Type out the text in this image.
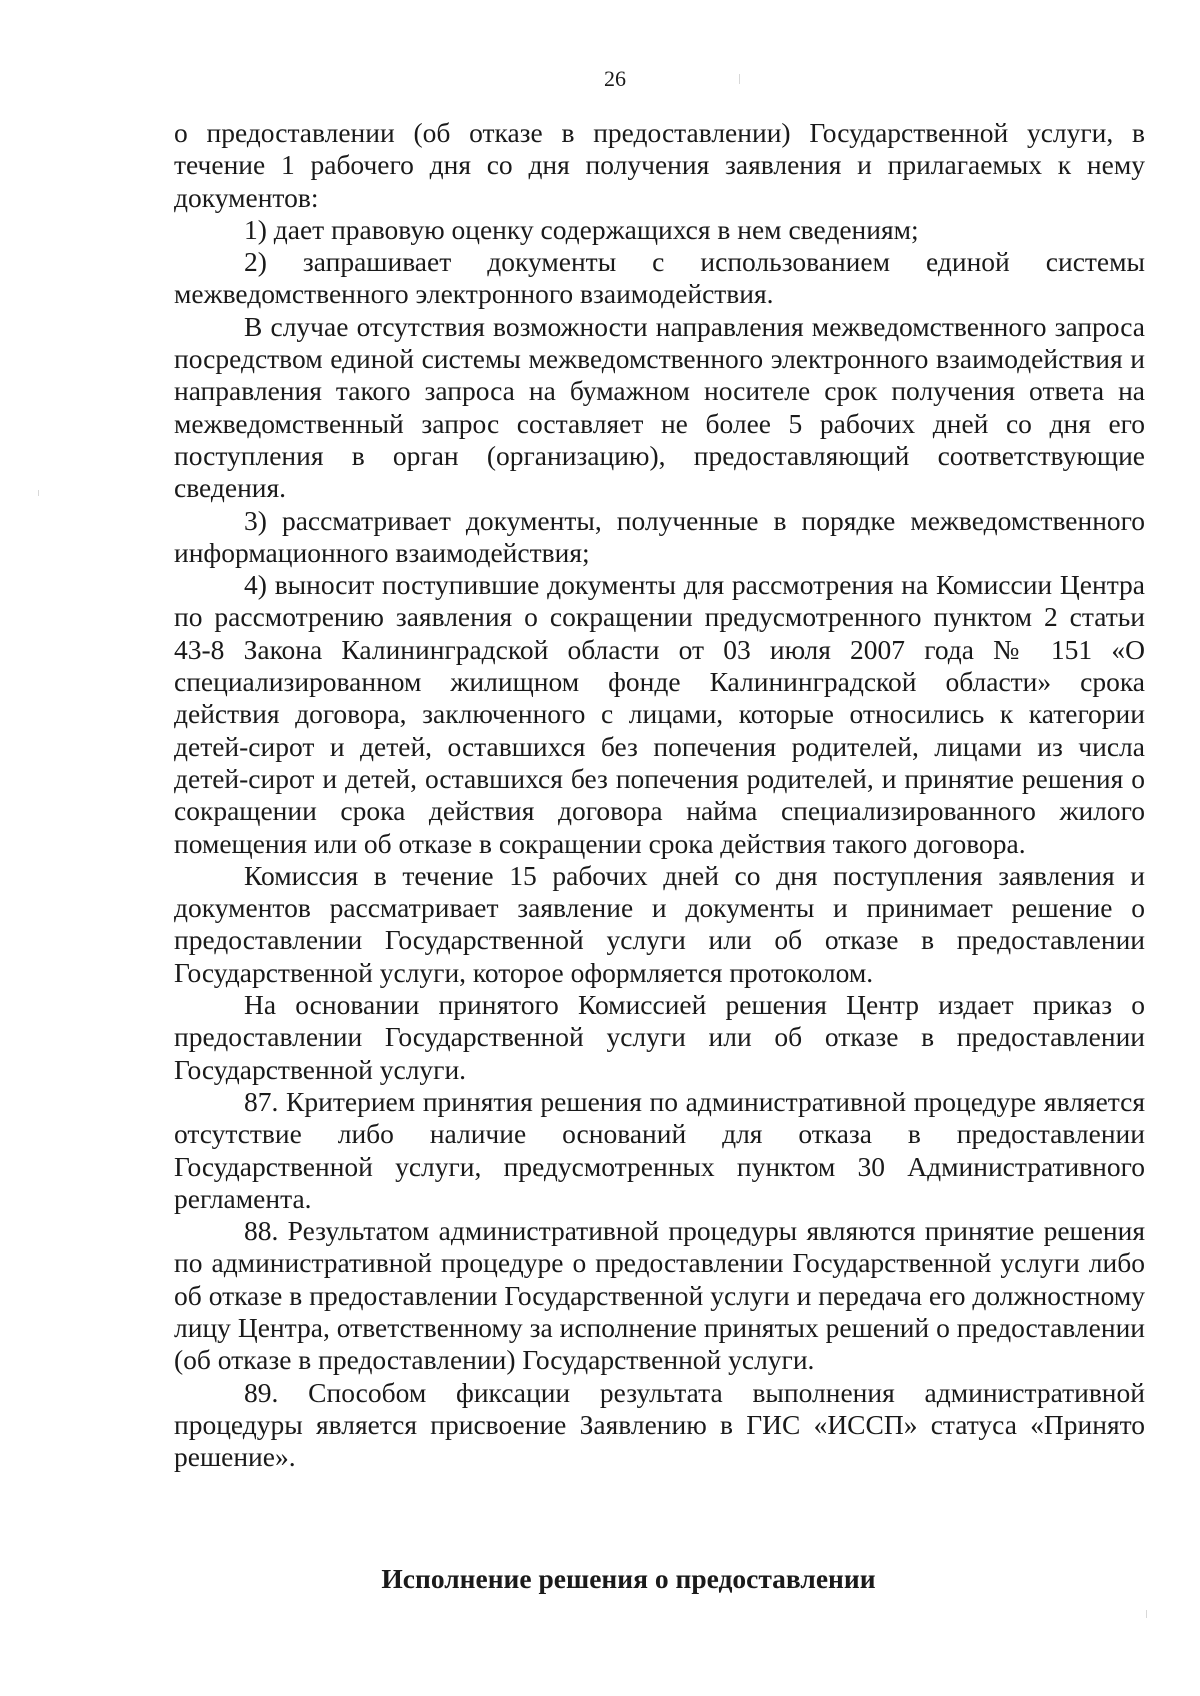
26

о предоставлении (об отказе в предоставлении) Государственной услуги, в течение 1 рабочего дня со дня получения заявления и прилагаемых к нему документов:

1) дает правовую оценку содержащихся в нем сведениям;

2) запрашивает документы с использованием единой системы межведомственного электронного взаимодействия.

В случае отсутствия возможности направления межведомственного запроса посредством единой системы межведомственного электронного взаимодействия и направления такого запроса на бумажном носителе срок получения ответа на межведомственный запрос составляет не более 5 рабочих дней со дня его поступления в орган (организацию), предоставляющий соответствующие сведения.

3) рассматривает документы, полученные в порядке межведомственного информационного взаимодействия;

4) выносит поступившие документы для рассмотрения на Комиссии Центра по рассмотрению заявления о сокращении предусмотренного пунктом 2 статьи 43-8 Закона Калининградской области от 03 июля 2007 года № 151 «О специализированном жилищном фонде Калининградской области» срока действия договора, заключенного с лицами, которые относились к категории детей-сирот и детей, оставшихся без попечения родителей, лицами из числа детей-сирот и детей, оставшихся без попечения родителей, и принятие решения о сокращении срока действия договора найма специализированного жилого помещения или об отказе в сокращении срока действия такого договора.

Комиссия в течение 15 рабочих дней со дня поступления заявления и документов рассматривает заявление и документы и принимает решение о предоставлении Государственной услуги или об отказе в предоставлении Государственной услуги, которое оформляется протоколом.

На основании принятого Комиссией решения Центр издает приказ о предоставлении Государственной услуги или об отказе в предоставлении Государственной услуги.

87. Критерием принятия решения по административной процедуре является отсутствие либо наличие оснований для отказа в предоставлении Государственной услуги, предусмотренных пунктом 30 Административного регламента.

88. Результатом административной процедуры являются принятие решения по административной процедуре о предоставлении Государственной услуги либо об отказе в предоставлении Государственной услуги и передача его должностному лицу Центра, ответственному за исполнение принятых решений о предоставлении (об отказе в предоставлении) Государственной услуги.

89. Способом фиксации результата выполнения административной процедуры является присвоение Заявлению в ГИС «ИССП» статуса «Принято решение».

Исполнение решения о предоставлении
